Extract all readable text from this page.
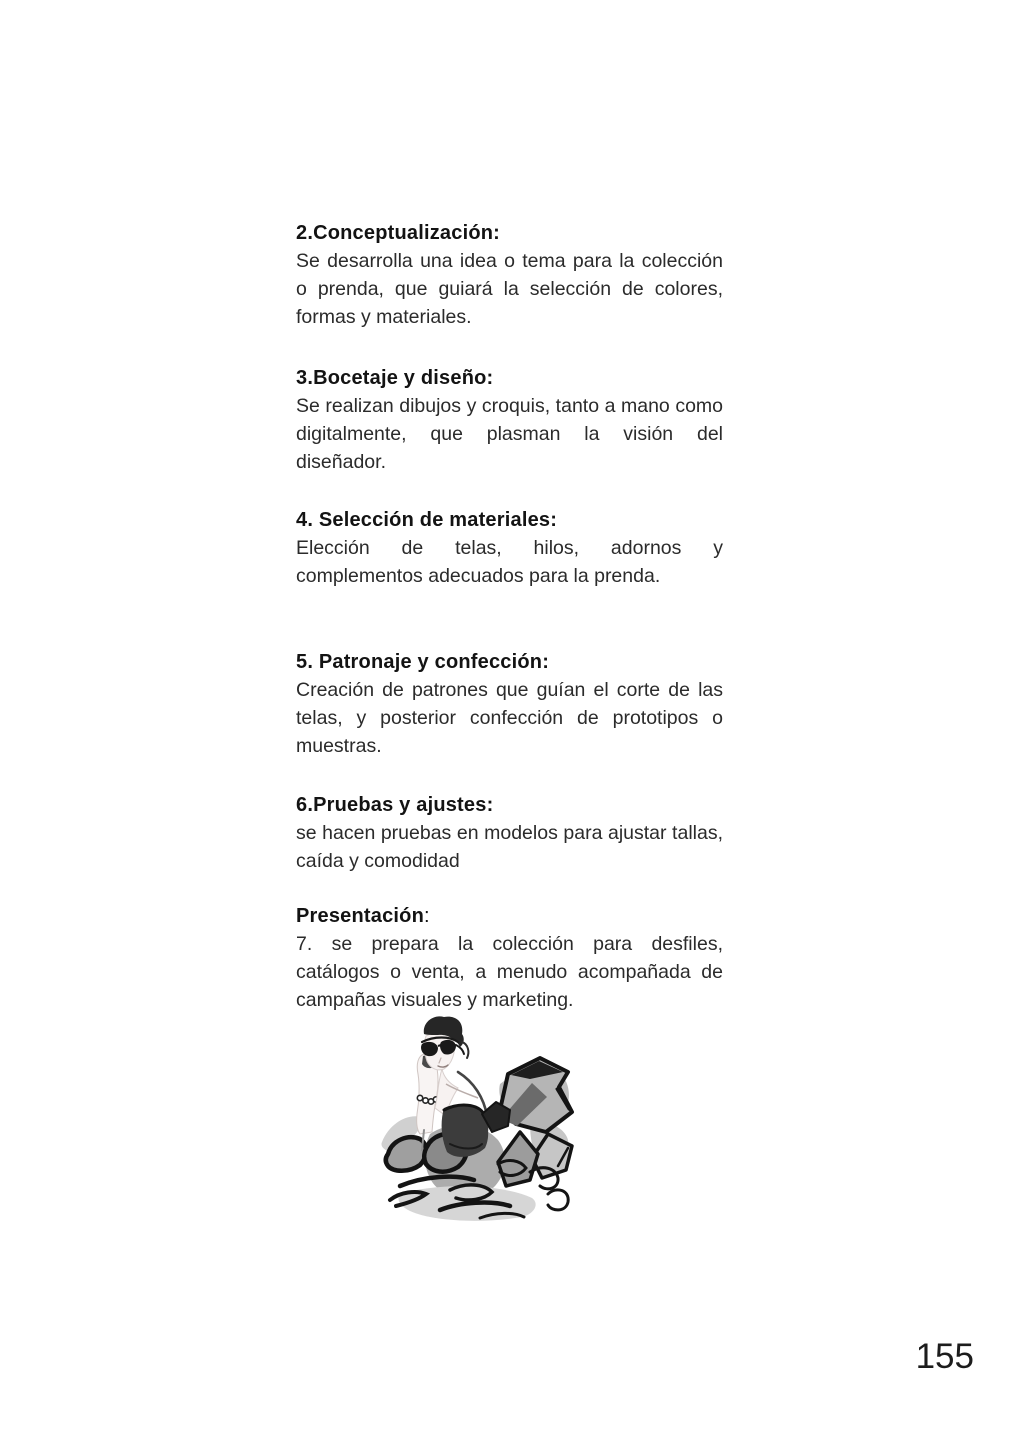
2.Conceptualización:

Se desarrolla una idea o tema para la colección o prenda, que guiará la selección de colores, formas y materiales.

3.Bocetaje y diseño:

Se realizan dibujos y croquis, tanto a mano como digitalmente, que plasman la visión del diseñador.

4. Selección de materiales:

Elección de telas, hilos, adornos y complementos adecuados para la prenda.

5. Patronaje y confección:

Creación de patrones que guían el corte de las telas, y posterior confección de prototipos o muestras.

6.Pruebas y ajustes:

se hacen pruebas en modelos para ajustar tallas, caída y comodidad

Presentación:

7. se prepara la colección para desfiles, catálogos o venta, a menudo acompañada de campañas visuales y marketing.

155
